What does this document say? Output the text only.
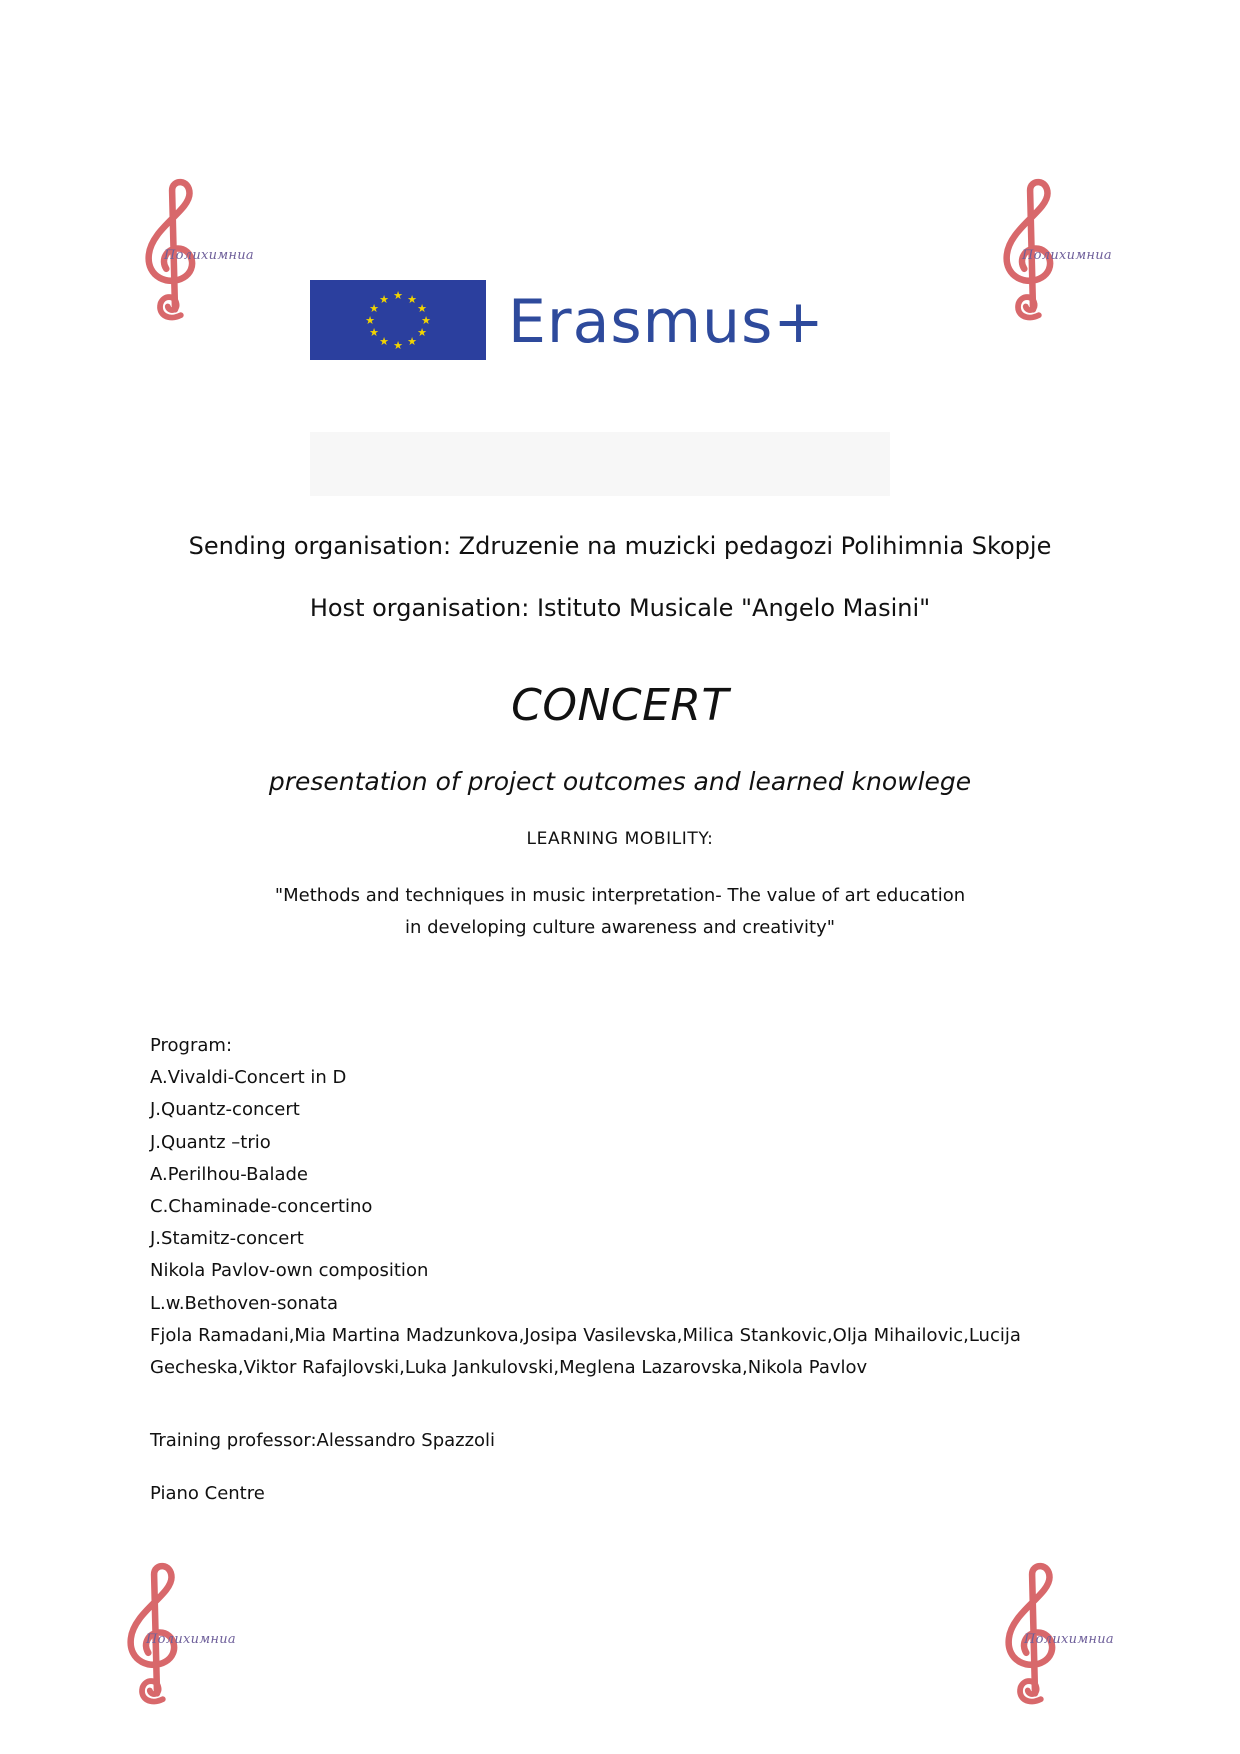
Полихимниа	Полихимниа
Полихимниа	Полихимниа
★ ★
★
★
★
★
★
★
★
★
★
★ Erasmus+
Sending organisation: Zdruzenie na muzicki pedagozi Polihimnia Skopje
Host organisation: Istituto Musicale "Angelo Masini"
CONCERT
presentation of project outcomes and learned knowlege
LEARNING MOBILITY:
"Methods and techniques in music interpretation- The value of art education
in developing culture awareness and creativity"
Program:
A.Vivaldi-Concert in D
J.Quantz-concert
J.Quantz –trio
A.Perilhou-Balade
C.Chaminade-concertino
J.Stamitz-concert
Nikola Pavlov-own composition
L.w.Bethoven-sonata
Fjola Ramadani,Mia Martina Madzunkova,Josipa Vasilevska,Milica Stankovic,Olja Mihailovic,Lucija Gecheska,Viktor Rafajlovski,Luka Jankulovski,Meglena Lazarovska,Nikola Pavlov
Training professor:Alessandro Spazzoli
Piano Centre
